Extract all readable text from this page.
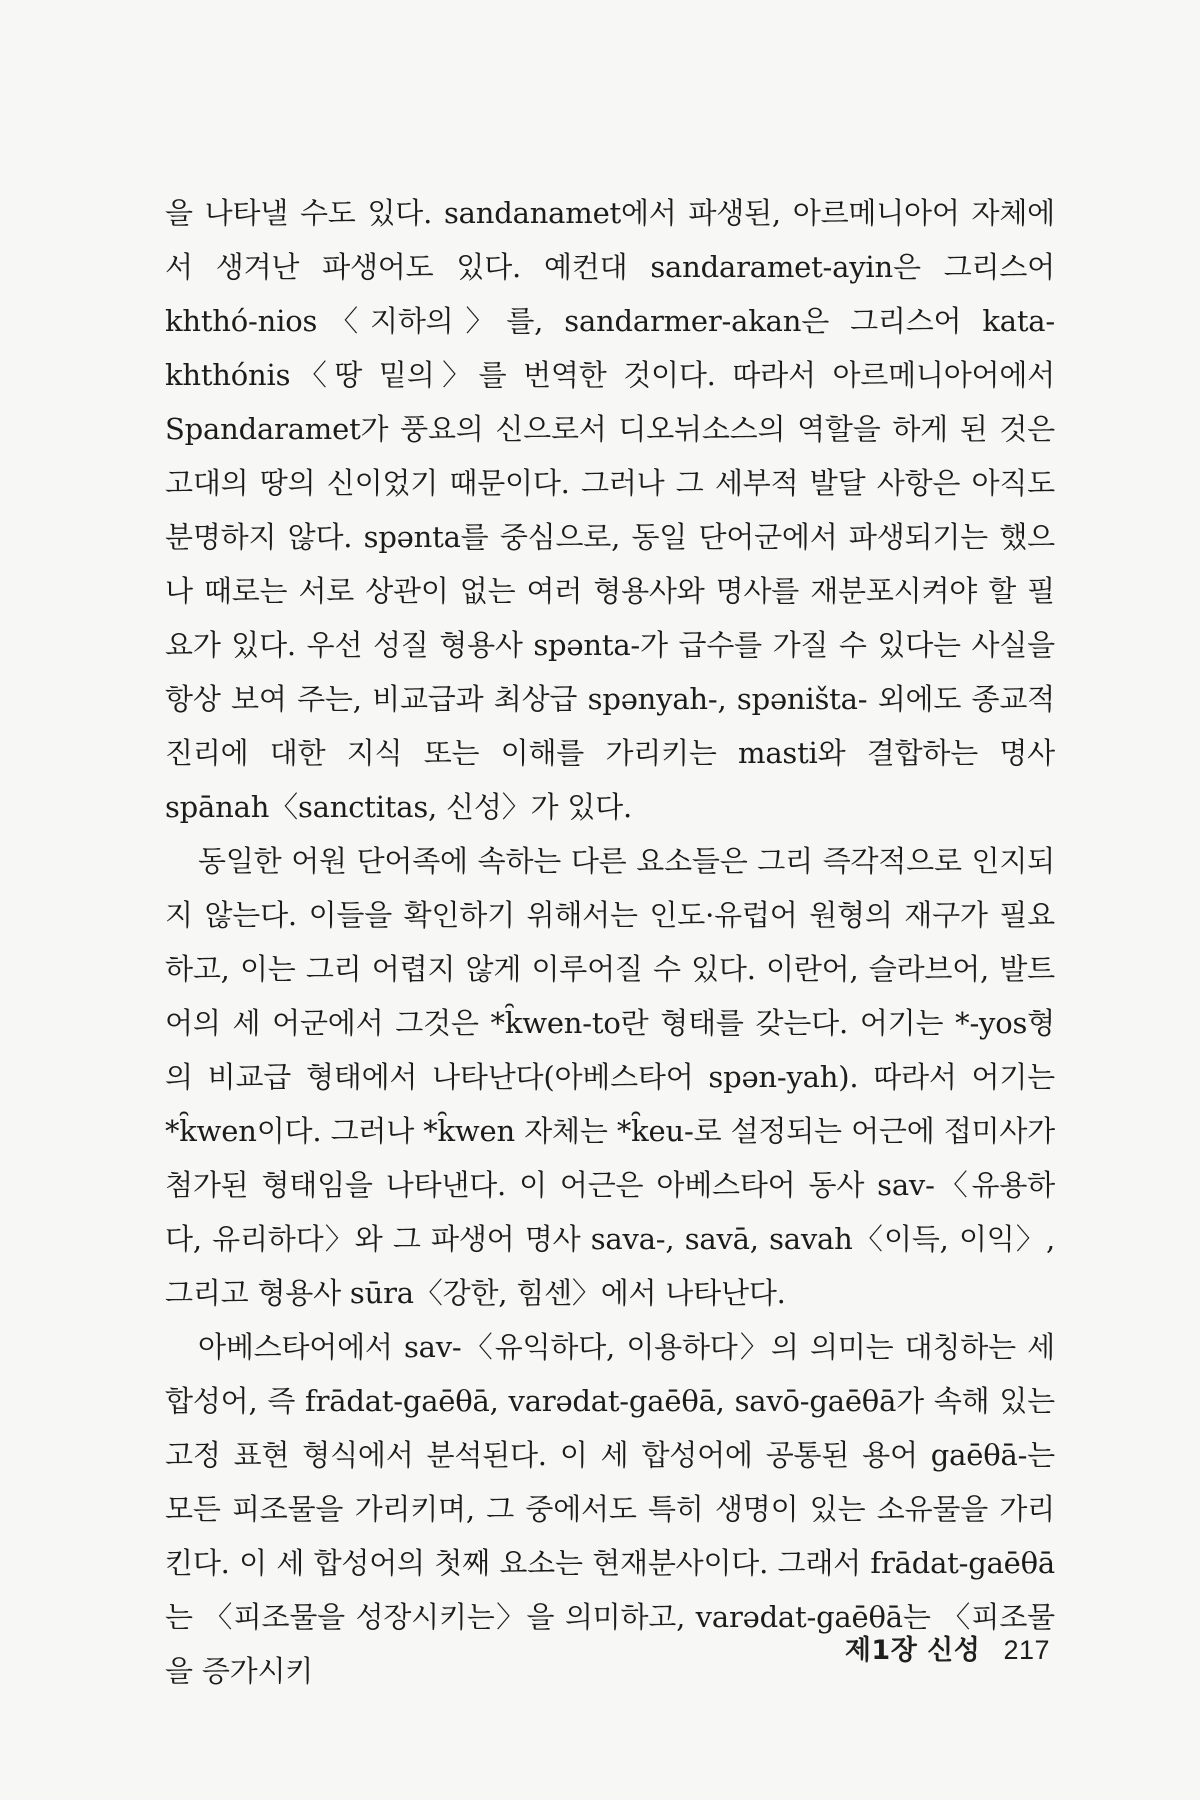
을 나타낼 수도 있다. sandanamet에서 파생된, 아르메니아어 자체에서 생겨난 파생어도 있다. 예컨대 sandaramet-ayin은 그리스어 khthó-nios〈지하의〉를, sandarmer-akan은 그리스어 kata-khthónis〈땅 밑의〉를 번역한 것이다. 따라서 아르메니아어에서 Spandaramet가 풍요의 신으로서 디오뉘소스의 역할을 하게 된 것은 고대의 땅의 신이었기 때문이다. 그러나 그 세부적 발달 사항은 아직도 분명하지 않다. spənta를 중심으로, 동일 단어군에서 파생되기는 했으나 때로는 서로 상관이 없는 여러 형용사와 명사를 재분포시켜야 할 필요가 있다. 우선 성질 형용사 spənta-가 급수를 가질 수 있다는 사실을 항상 보여 주는, 비교급과 최상급 spənyah-, spəništa- 외에도 종교적 진리에 대한 지식 또는 이해를 가리키는 masti와 결합하는 명사 spānah〈sanctitas, 신성〉가 있다.

동일한 어원 단어족에 속하는 다른 요소들은 그리 즉각적으로 인지되지 않는다. 이들을 확인하기 위해서는 인도·유럽어 원형의 재구가 필요하고, 이는 그리 어렵지 않게 이루어질 수 있다. 이란어, 슬라브어, 발트어의 세 어군에서 그것은 *k̑wen-to란 형태를 갖는다. 어기는 *-yos형의 비교급 형태에서 나타난다(아베스타어 spən-yah). 따라서 어기는 *k̑wen이다. 그러나 *k̑wen 자체는 *k̑eu-로 설정되는 어근에 접미사가 첨가된 형태임을 나타낸다. 이 어근은 아베스타어 동사 sav-〈유용하다, 유리하다〉와 그 파생어 명사 sava-, savā, savah〈이득, 이익〉, 그리고 형용사 sūra〈강한, 힘센〉에서 나타난다.

아베스타어에서 sav-〈유익하다, 이용하다〉의 의미는 대칭하는 세 합성어, 즉 frādat-gaēθā, varədat-gaēθā, savō-gaēθā가 속해 있는 고정 표현 형식에서 분석된다. 이 세 합성어에 공통된 용어 gaēθā-는 모든 피조물을 가리키며, 그 중에서도 특히 생명이 있는 소유물을 가리킨다. 이 세 합성어의 첫째 요소는 현재분사이다. 그래서 frādat-gaēθā는 〈피조물을 성장시키는〉을 의미하고, varədat-gaēθā는 〈피조물을 증가시키

제1장 신성 217
